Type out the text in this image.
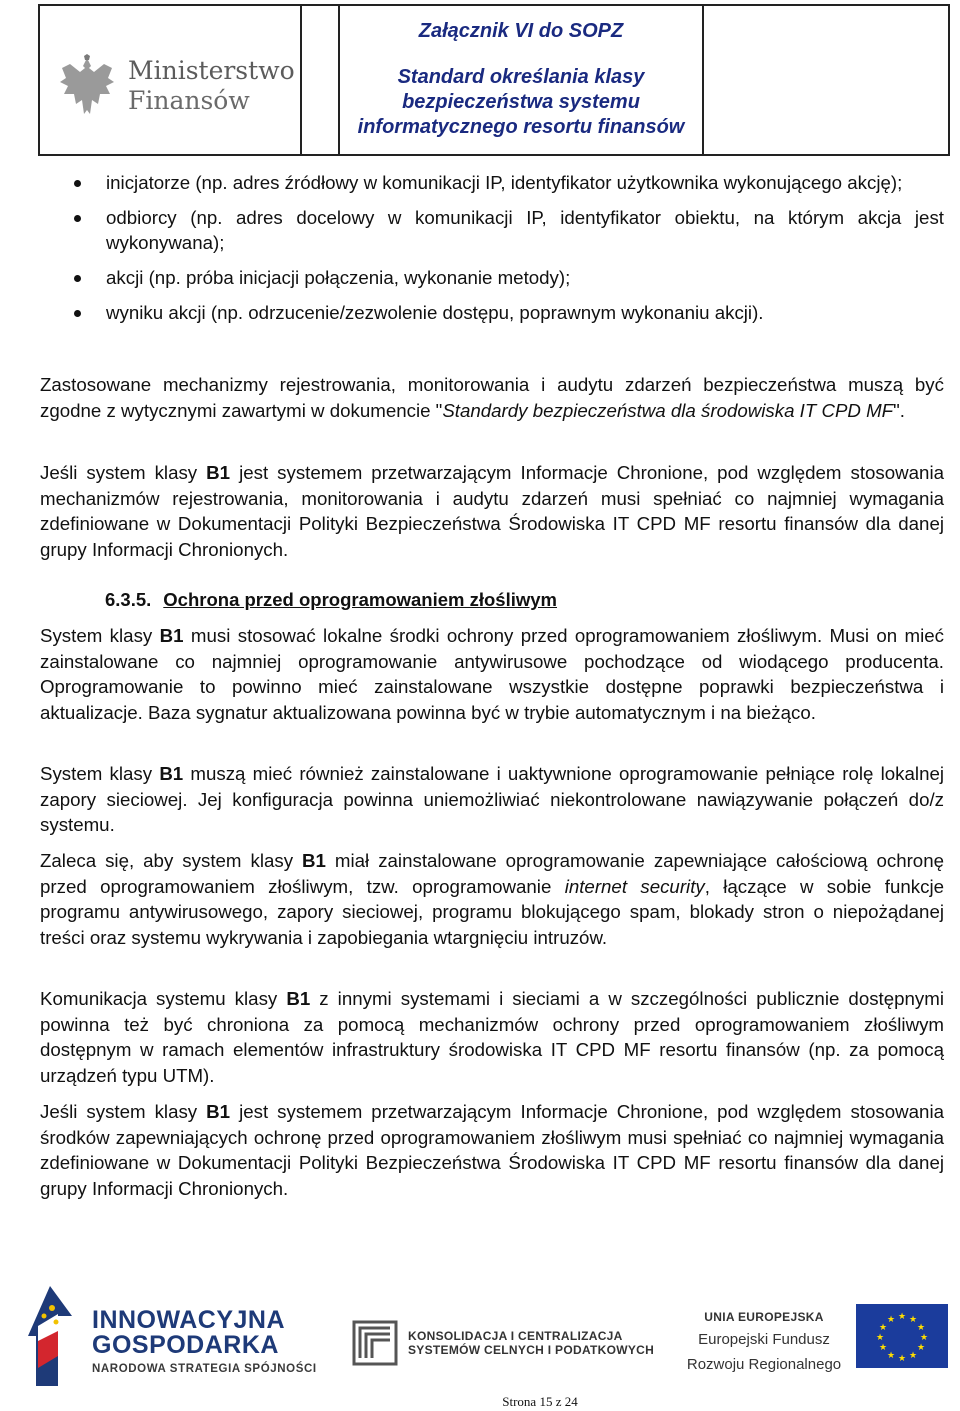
Ministerstwo
Finansów
Załącznik VI do SOPZ
Standard określania klasy
bezpieczeństwa systemu
informatycznego resortu finansów
inicjatorze (np. adres źródłowy w komunikacji IP, identyfikator użytkownika wykonującego akcję);
odbiorcy (np. adres docelowy w komunikacji IP, identyfikator obiektu, na którym akcja jest wykonywana);
akcji (np. próba inicjacji połączenia, wykonanie metody);
wyniku akcji (np. odrzucenie/zezwolenie dostępu, poprawnym wykonaniu akcji).

Zastosowane mechanizmy rejestrowania, monitorowania i audytu zdarzeń bezpieczeństwa muszą być zgodne z wytycznymi zawartymi w dokumencie "Standardy bezpieczeństwa dla środowiska IT CPD MF".

Jeśli system klasy B1 jest systemem przetwarzającym Informacje Chronione, pod względem stosowania mechanizmów rejestrowania, monitorowania i audytu zdarzeń musi spełniać co najmniej wymagania zdefiniowane w Dokumentacji Polityki Bezpieczeństwa Środowiska IT CPD MF resortu finansów dla danej grupy Informacji Chronionych.

6.3.5. Ochrona przed oprogramowaniem złośliwym

System klasy B1 musi stosować lokalne środki ochrony przed oprogramowaniem złośliwym. Musi on mieć zainstalowane co najmniej oprogramowanie antywirusowe pochodzące od wiodącego producenta. Oprogramowanie to powinno mieć zainstalowane wszystkie dostępne poprawki bezpieczeństwa i aktualizacje. Baza sygnatur aktualizowana powinna być w trybie automatycznym i na bieżąco.

System klasy B1 muszą mieć również zainstalowane i uaktywnione oprogramowanie pełniące rolę lokalnej zapory sieciowej. Jej konfiguracja powinna uniemożliwiać niekontrolowane nawiązywanie połączeń do/z systemu.

Zaleca się, aby system klasy B1 miał zainstalowane oprogramowanie zapewniające całościową ochronę przed oprogramowaniem złośliwym, tzw. oprogramowanie internet security, łączące w sobie funkcje programu antywirusowego, zapory sieciowej, programu blokującego spam, blokady stron o niepożądanej treści oraz systemu wykrywania i zapobiegania wtargnięciu intruzów.

Komunikacja systemu klasy B1 z innymi systemami i sieciami a w szczególności publicznie dostępnymi powinna też być chroniona za pomocą mechanizmów ochrony przed oprogramowaniem złośliwym dostępnym w ramach elementów infrastruktury środowiska IT CPD MF resortu finansów (np. za pomocą urządzeń typu UTM).

Jeśli system klasy B1 jest systemem przetwarzającym Informacje Chronione, pod względem stosowania środków zapewniających ochronę przed oprogramowaniem złośliwym musi spełniać co najmniej wymagania zdefiniowane w Dokumentacji Polityki Bezpieczeństwa Środowiska IT CPD MF resortu finansów dla danej grupy Informacji Chronionych.

INNOWACYJNA
GOSPODARKA
NARODOWA STRATEGIA SPÓJNOŚCI
KONSOLIDACJA I CENTRALIZACJA
SYSTEMÓW CELNYCH I PODATKOWYCH
UNIA EUROPEJSKA
Europejski Fundusz
Rozwoju Regionalnego
★ ★
★
★
★
★
★
★
★
★
★
★
Strona 15 z 24
